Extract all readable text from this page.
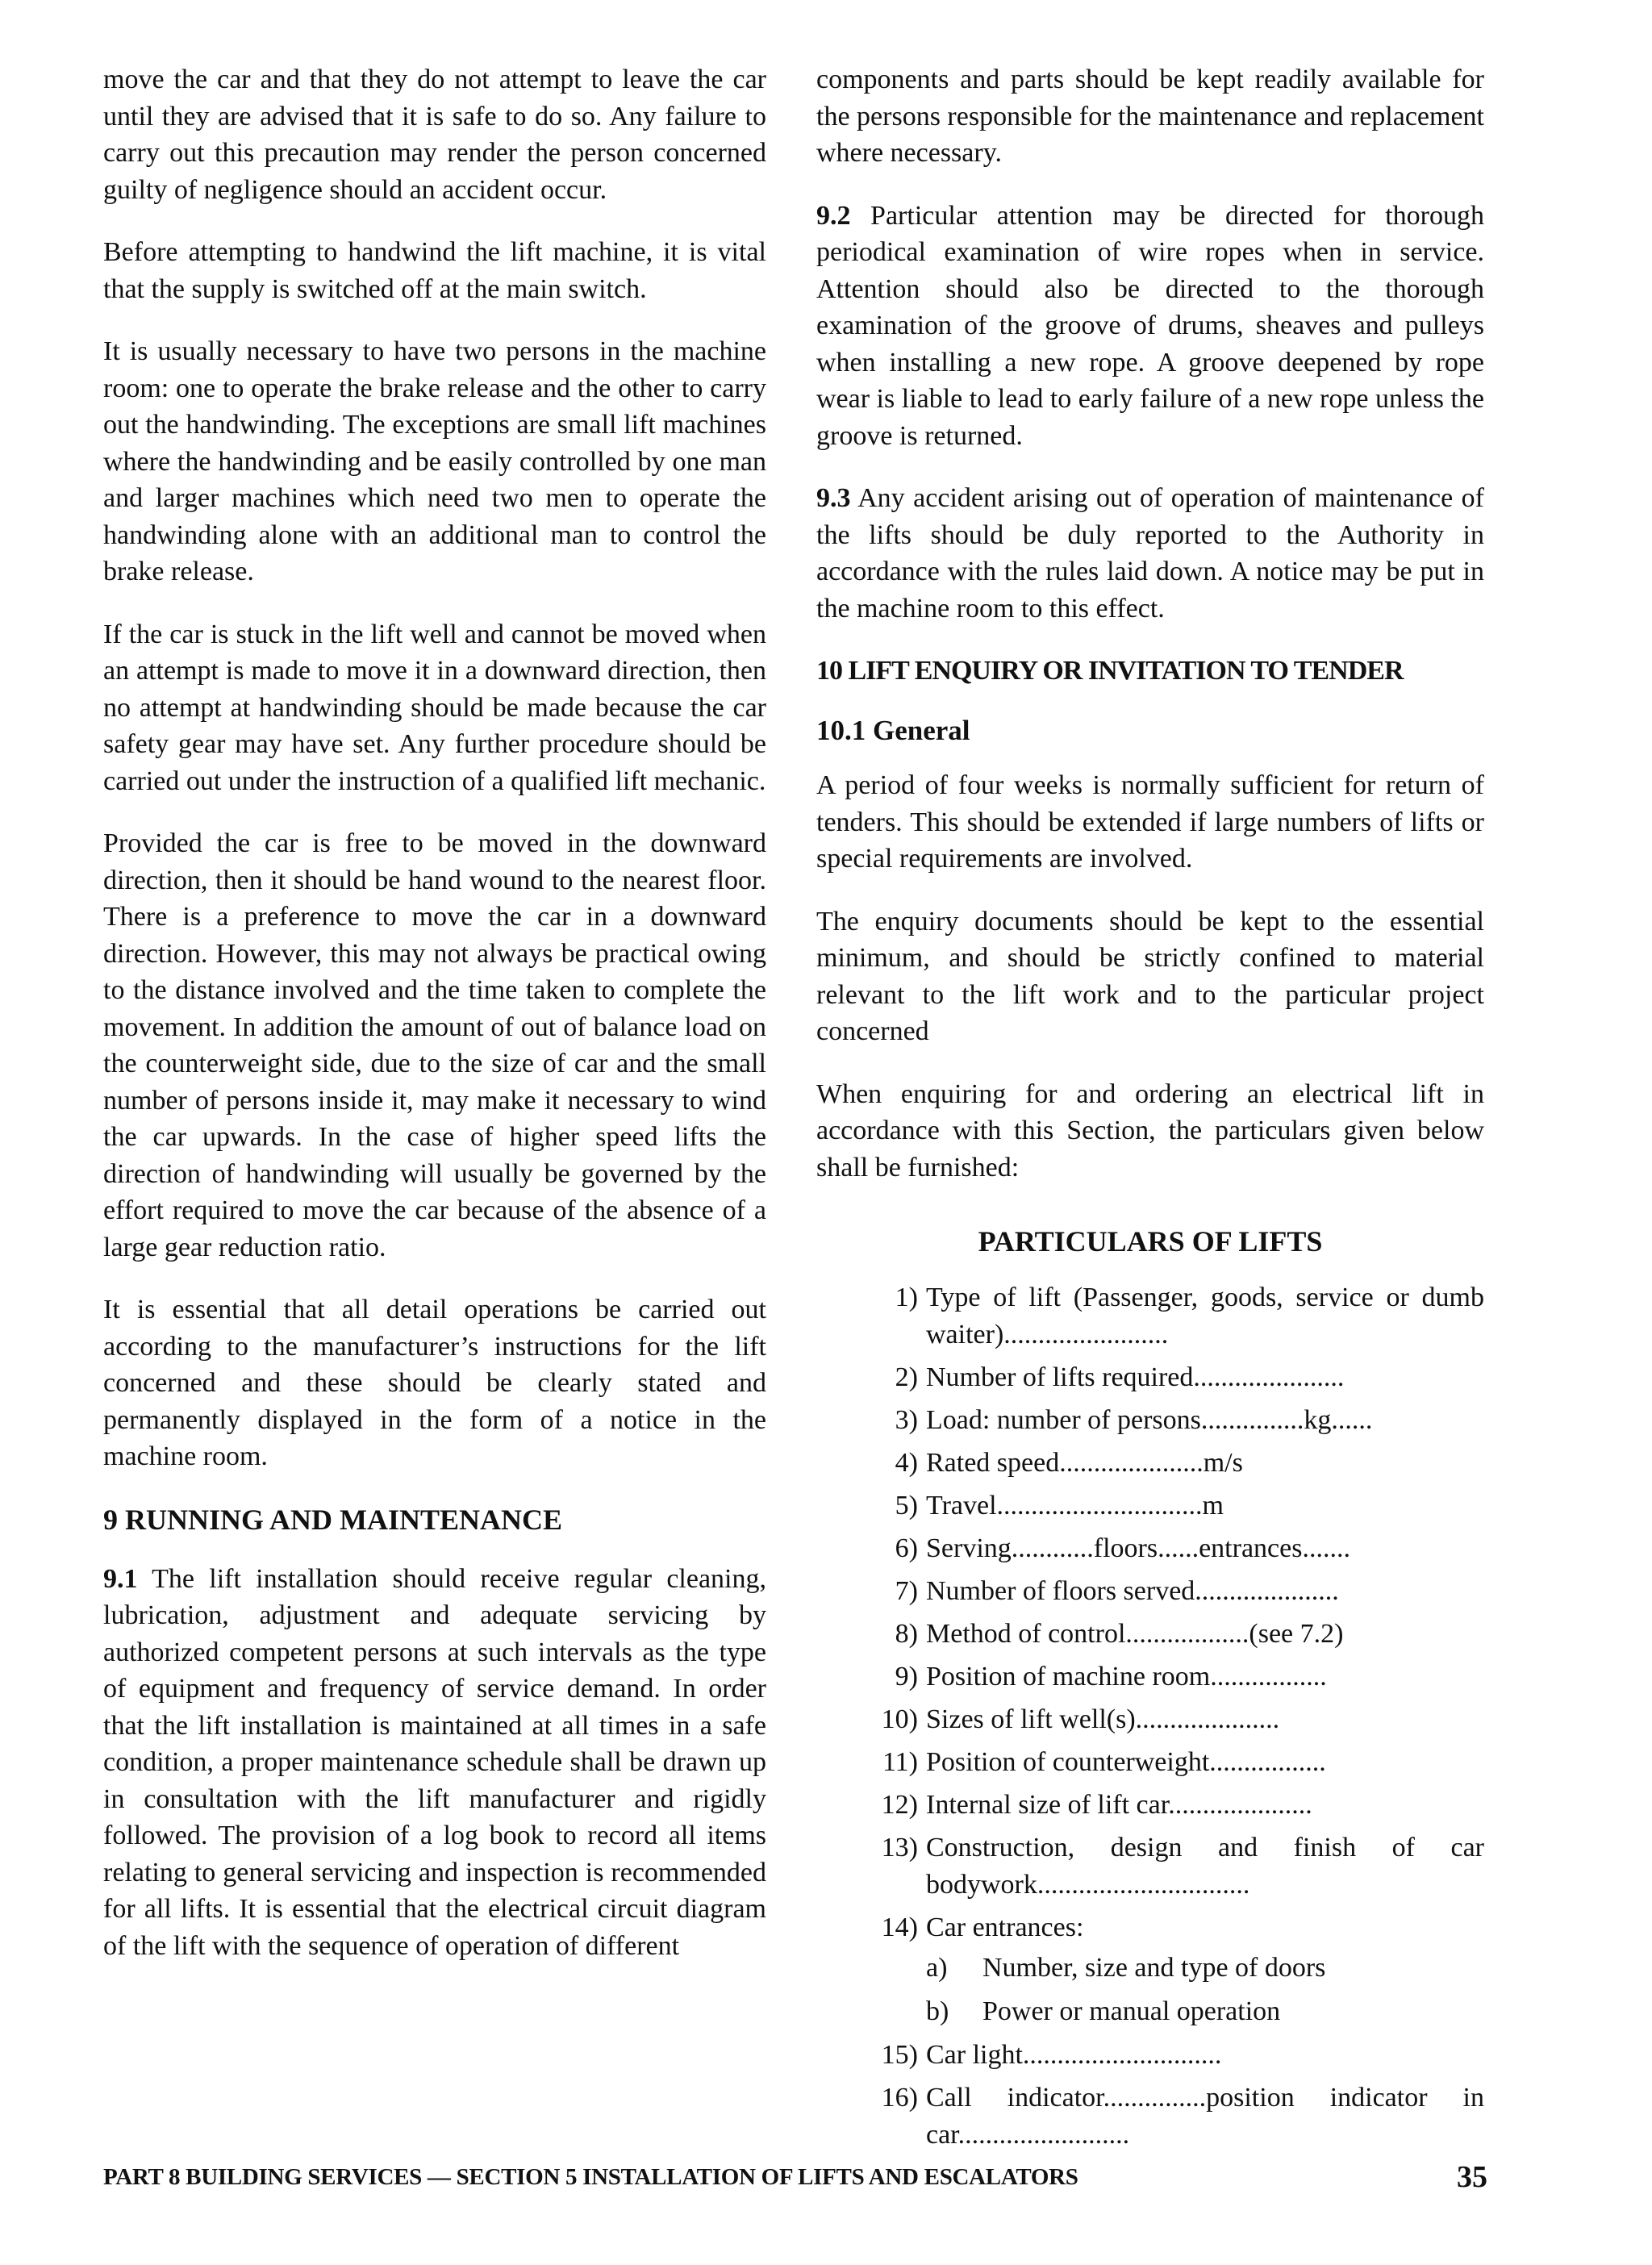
move the car and that they do not attempt to leave the car until they are advised that it is safe to do so. Any failure to carry out this precaution may render the person concerned guilty of negligence should an accident occur.

Before attempting to handwind the lift machine, it is vital that the supply is switched off at the main switch.

It is usually necessary to have two persons in the machine room: one to operate the brake release and the other to carry out the handwinding. The exceptions are small lift machines where the handwinding and be easily controlled by one man and larger machines which need two men to operate the handwinding alone with an additional man to control the brake release.

If the car is stuck in the lift well and cannot be moved when an attempt is made to move it in a downward direction, then no attempt at handwinding should be made because the car safety gear may have set. Any further procedure should be carried out under the instruction of a qualified lift mechanic.

Provided the car is free to be moved in the downward direction, then it should be hand wound to the nearest floor. There is a preference to move the car in a downward direction. However, this may not always be practical owing to the distance involved and the time taken to complete the movement. In addition the amount of out of balance load on the counterweight side, due to the size of car and the small number of persons inside it, may make it necessary to wind the car upwards. In the case of higher speed lifts the direction of handwinding will usually be governed by the effort required to move the car because of the absence of a large gear reduction ratio.

It is essential that all detail operations be carried out according to the manufacturer’s instructions for the lift concerned and these should be clearly stated and permanently displayed in the form of a notice in the machine room.

9 RUNNING AND MAINTENANCE

9.1 The lift installation should receive regular cleaning, lubrication, adjustment and adequate servicing by authorized competent persons at such intervals as the type of equipment and frequency of service demand. In order that the lift installation is maintained at all times in a safe condition, a proper maintenance schedule shall be drawn up in consultation with the lift manufacturer and rigidly followed. The provision of a log book to record all items relating to general servicing and inspection is recommended for all lifts. It is essential that the electrical circuit diagram of the lift with the sequence of operation of different

components and parts should be kept readily available for the persons responsible for the maintenance and replacement where necessary.

9.2 Particular attention may be directed for thorough periodical examination of wire ropes when in service. Attention should also be directed to the thorough examination of the groove of drums, sheaves and pulleys when installing a new rope. A groove deepened by rope wear is liable to lead to early failure of a new rope unless the groove is returned.

9.3 Any accident arising out of operation of maintenance of the lifts should be duly reported to the Authority in accordance with the rules laid down. A notice may be put in the machine room to this effect.

10 LIFT ENQUIRY OR INVITATION TO TENDER
10.1 General

A period of four weeks is normally sufficient for return of tenders. This should be extended if large numbers of lifts or special requirements are involved.

The enquiry documents should be kept to the essential minimum, and should be strictly confined to material relevant to the lift work and to the particular project concerned

When enquiring for and ordering an electrical lift in accordance with this Section, the particulars given below shall be furnished:

PARTICULARS OF LIFTS
1) Type of lift (Passenger, goods, service or dumb waiter)........................
2) Number of lifts required......................
3) Load: number of persons...............kg......
4) Rated speed.....................m/s
5) Travel..............................m
6) Serving............floors......entrances.......
7) Number of floors served.....................
8) Method of control..................(see 7.2)
9) Position of machine room.................
10) Sizes of lift well(s).....................
11) Position of counterweight.................
12) Internal size of lift car.....................
13) Construction, design and finish of car bodywork...............................
14) Car entrances:
a) Number, size and type of doors
b) Power or manual operation
15) Car light.............................
16) Call indicator...............position indicator in car.........................
PART 8 BUILDING SERVICES — SECTION 5 INSTALLATION OF LIFTS AND ESCALATORS	35
